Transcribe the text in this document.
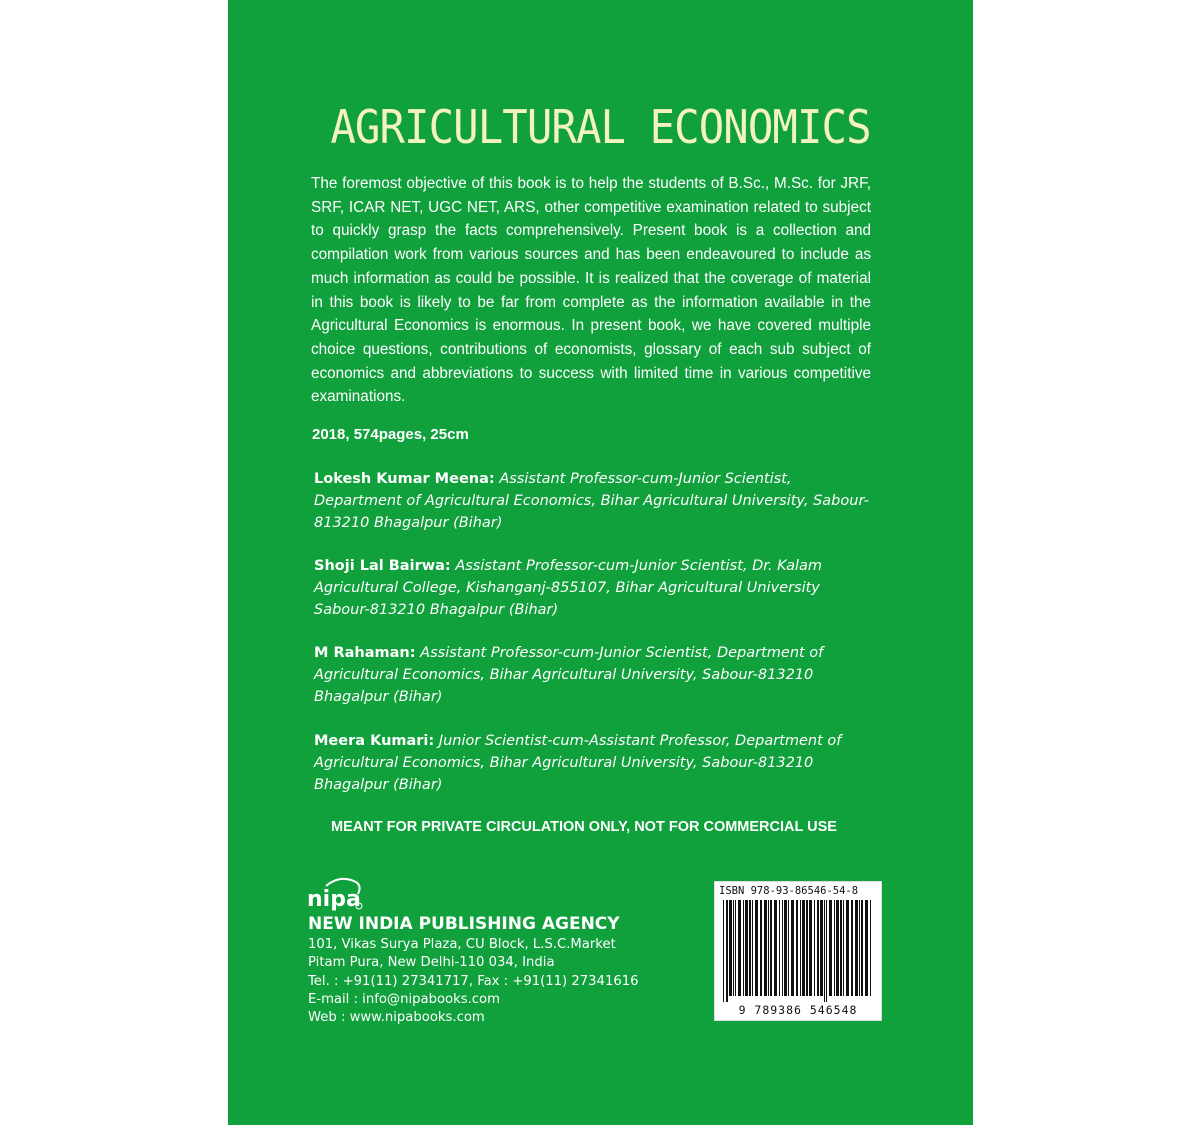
AGRICULTURAL ECONOMICS

The foremost objective of this book is to help the students of B.Sc., M.Sc. for JRF, SRF, ICAR NET, UGC NET, ARS, other competitive examination related to subject to quickly grasp the facts comprehensively. Present book is a collection and compilation work from various sources and has been endeavoured to include as much information as could be possible. It is realized that the coverage of material in this book is likely to be far from complete as the information available in the Agricultural Economics is enormous. In present book, we have covered multiple choice questions, contributions of economists, glossary of each sub subject of economics and abbreviations to success with limited time in various competitive examinations.

2018, 574pages, 25cm
Lokesh Kumar Meena: Assistant Professor-cum-Junior Scientist, Department of Agricultural Economics, Bihar Agricultural University, Sabour-813210 Bhagalpur (Bihar)
Shoji Lal Bairwa: Assistant Professor-cum-Junior Scientist, Dr. Kalam Agricultural College, Kishanganj-855107, Bihar Agricultural University Sabour-813210 Bhagalpur (Bihar)
M Rahaman: Assistant Professor-cum-Junior Scientist, Department of Agricultural Economics, Bihar Agricultural University, Sabour-813210 Bhagalpur (Bihar)
Meera Kumari: Junior Scientist-cum-Assistant Professor, Department of Agricultural Economics, Bihar Agricultural University, Sabour-813210 Bhagalpur (Bihar)
MEANT FOR PRIVATE CIRCULATION ONLY, NOT FOR COMMERCIAL USE
nipa
NEW INDIA PUBLISHING AGENCY
101, Vikas Surya Plaza, CU Block, L.S.C.Market
Pitam Pura, New Delhi-110 034, India
Tel. : +91(11) 27341717, Fax : +91(11) 27341616
E-mail : info@nipabooks.com
Web : www.nipabooks.com
ISBN 978-93-86546-54-8
9 789386 546548
